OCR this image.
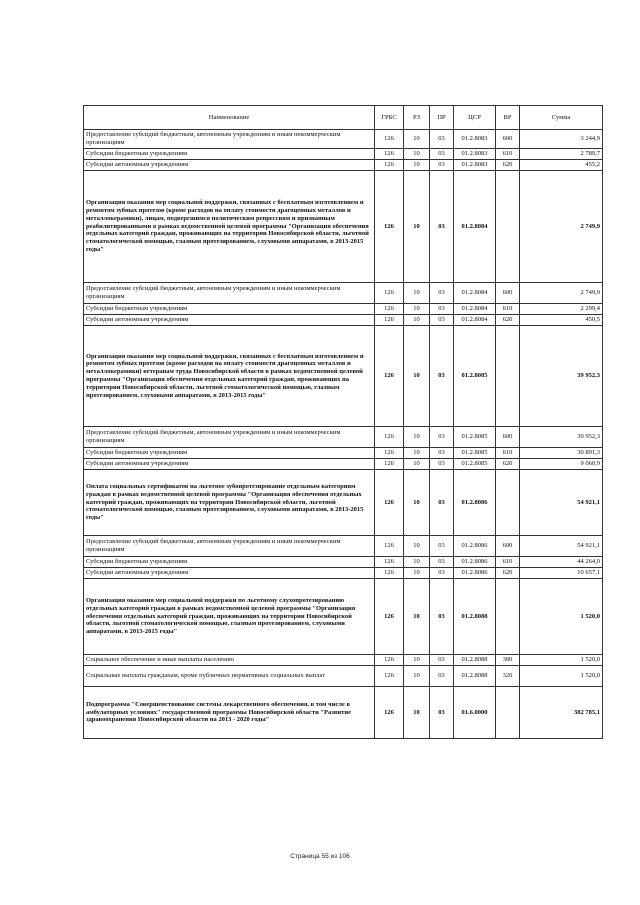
Наименование	ГРБС	РЗ	ПР	ЦСР	ВР	Сумма
Предоставление субсидий бюджетным, автономным учреждениям и иным некоммерческим организациям	126	10	03	01.2.8083	600	3 244,9
Субсидии бюджетным учреждениям	126	10	03	01.2.8083	610	2 789,7
Субсидии автономным учреждениям	126	10	03	01.2.8083	620	455,2
Организация оказания мер социальной поддержки, связанных с бесплатным изготовлением и ремонтом зубных протезов (кроме расходов на оплату стоимости драгоценных металлов и металлокерамики), лицам, подвергшимся политическим репрессиям и признанным реабилитированными в рамках ведомственной целевой программы "Организация обеспечения отдельных категорий граждан, проживающих на территории Новосибирской области, льготной стоматологической помощью, глазным протезированием, слуховыми аппаратами, в 2013-2015 годы"	126	10	03	01.2.8084		2 749,9
Предоставление субсидий бюджетным, автономным учреждениям и иным некоммерческим организациям	126	10	03	01.2.8084	600	2 749,9
Субсидии бюджетным учреждениям	126	10	03	01.2.8084	610	2 299,4
Субсидии автономным учреждениям	126	10	03	01.2.8084	620	450,5
Организация оказания мер социальной поддержки, связанных с бесплатным изготовлением и ремонтом зубных протезов (кроме расходов на оплату стоимости драгоценных металлов и металлокерамики) ветеранам труда Новосибирской области в рамках ведомственной целевой программы "Организация обеспечения отдельных категорий граждан, проживающих на территории Новосибирской области, льготной стоматологической помощью, глазным протезированием, слуховыми аппаратами, в 2013-2015 годы"	126	10	03	01.2.8085		39 952,3
Предоставление субсидий бюджетным, автономным учреждениям и иным некоммерческим организациям	126	10	03	01.2.8085	600	39 952,3
Субсидии бюджетным учреждениям	126	10	03	01.2.8085	610	30 891,3
Субсидии автономным учреждениям	126	10	03	01.2.8085	620	9 060,9
Оплата социальных сертификатов на льготное зубопротезирование отдельным категориям граждан в рамках ведомственной целевой программы "Организация обеспечения отдельных категорий граждан, проживающих на территории Новосибирской области, льготной стоматологической помощью, глазным протезированием, слуховыми аппаратами, в 2013-2015 годы"	126	10	03	01.2.8086		54 921,1
Предоставление субсидий бюджетным, автономным учреждениям и иным некоммерческим организациям	126	10	03	01.2.8086	600	54 921,1
Субсидии бюджетным учреждениям	126	10	03	01.2.8086	610	44 264,0
Субсидии автономным учреждениям	126	10	03	01.2.8086	620	10 657,1
Организация оказания мер социальной поддержки по льготному слухопротезированию отдельных категорий граждан в рамках ведомственной целевой программы "Организация обеспечения отдельных категорий граждан, проживающих на территории Новосибирской области, льготной стоматологической помощью, глазным протезированием, слуховыми аппаратами, в 2013-2015 годы"	126	10	03	01.2.8088		1 520,0
Социальное обеспечение и иные выплаты населению	126	10	03	01.2.8088	300	1 520,0
Социальные выплаты гражданам, кроме публичных нормативных социальных выплат	126	10	03	01.2.8088	320	1 520,0
Подпрограмма "Совершенствование системы лекарственного обеспечения, в том числе в амбулаторных условиях" государственной программы Новосибирской области "Развитие здравоохранения Новосибирской области на 2013 - 2020 годы"	126	10	03	01.6.0000		382 785,1
Страница 55 из 106
